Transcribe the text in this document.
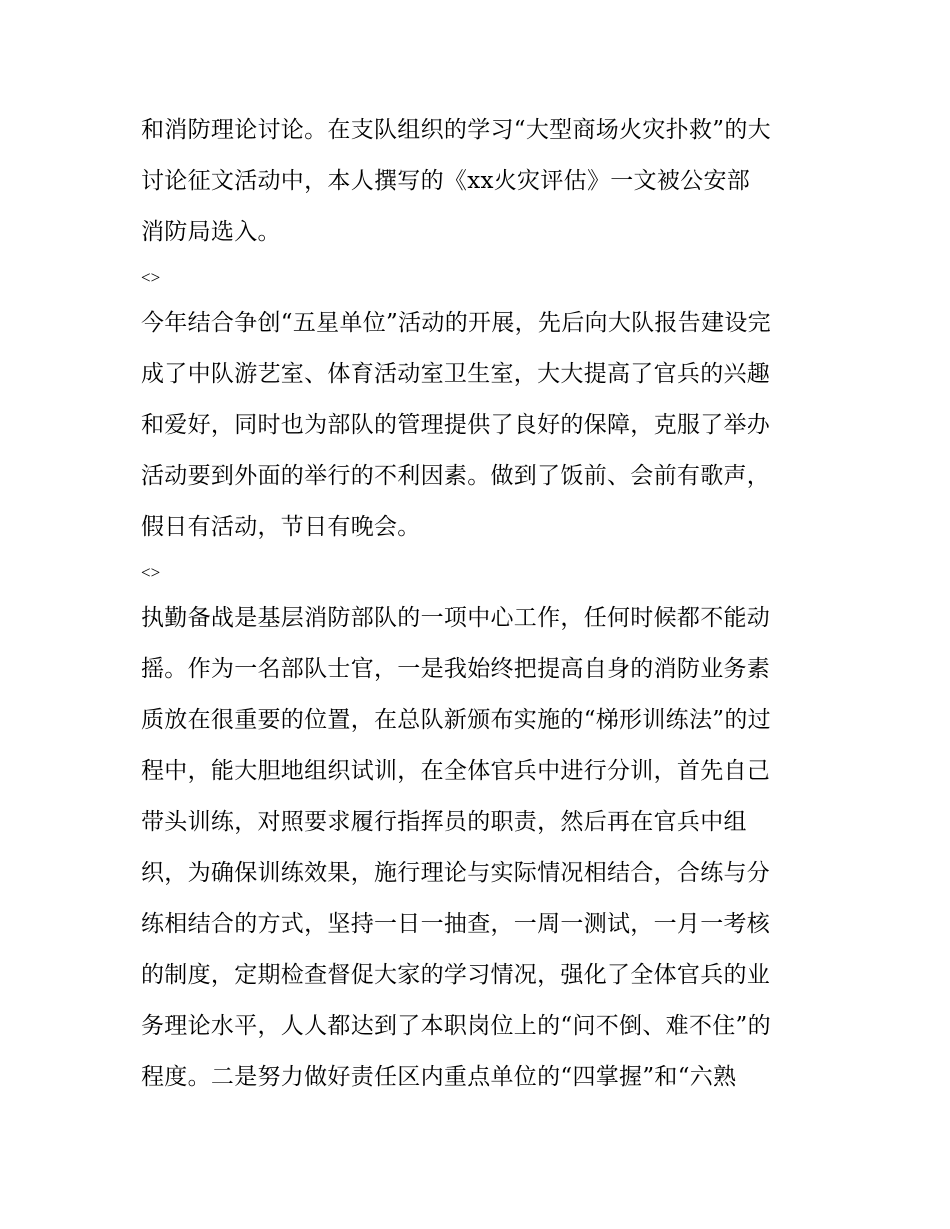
和消防理论讨论。在支队组织的学习“大型商场火灾扑救”的大
讨论征文活动中，本人撰写的《xx火灾评估》一文被公安部
消防局选入。
<>
今年结合争创“五星单位”活动的开展，先后向大队报告建设完
成了中队游艺室、体育活动室卫生室，大大提高了官兵的兴趣
和爱好，同时也为部队的管理提供了良好的保障，克服了举办
活动要到外面的举行的不利因素。做到了饭前、会前有歌声，
假日有活动，节日有晚会。
<>
执勤备战是基层消防部队的一项中心工作，任何时候都不能动
摇。作为一名部队士官，一是我始终把提高自身的消防业务素
质放在很重要的位置，在总队新颁布实施的“梯形训练法”的过
程中，能大胆地组织试训，在全体官兵中进行分训，首先自己
带头训练，对照要求履行指挥员的职责，然后再在官兵中组
织，为确保训练效果，施行理论与实际情况相结合，合练与分
练相结合的方式，坚持一日一抽查，一周一测试，一月一考核
的制度，定期检查督促大家的学习情况，强化了全体官兵的业
务理论水平，人人都达到了本职岗位上的“问不倒、难不住”的
程度。二是努力做好责任区内重点单位的“四掌握”和“六熟
